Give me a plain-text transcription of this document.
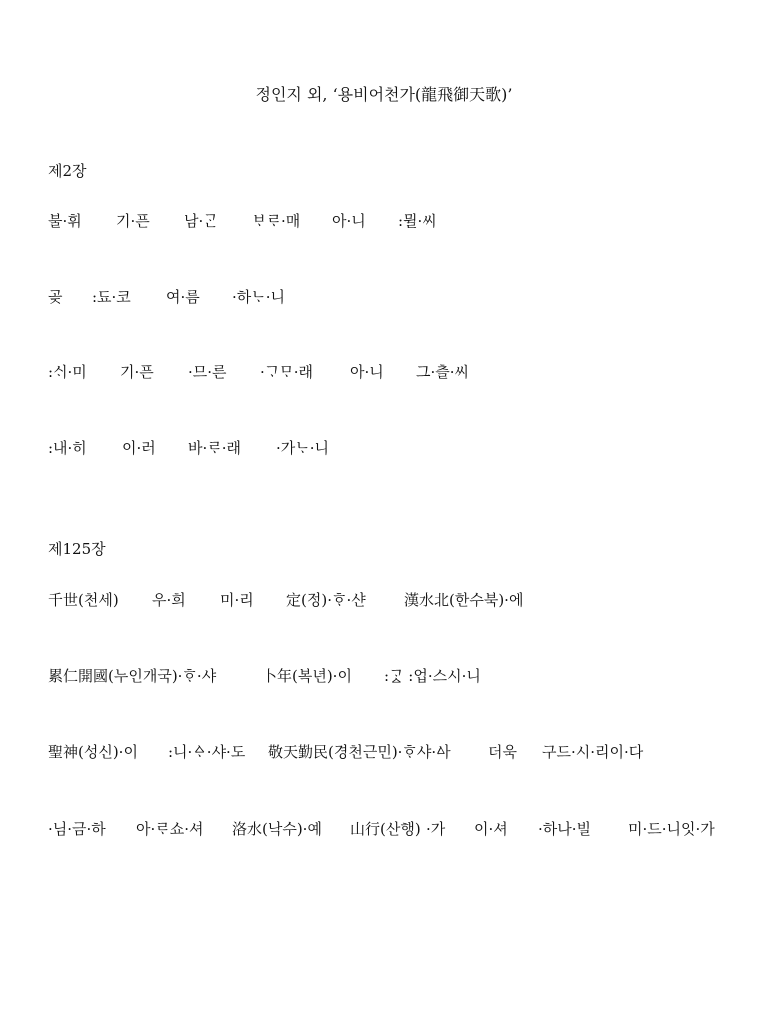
정인지 외, ‘용비어천가(龍飛御天歌)’
제2장
불·휘 기·픈 남·ᄀᆞᆫ ᄇᆞᄅᆞ·매 아·니 :뮐·씨
곶 :됴·코 여·름 ·하ᄂᆞ·니
:ᄉᆡ·미 기·픈 ·므·른 ·ᄀᆞᄆᆞ·래 아·니 그·츨·씨
:내·히 이·러 바·ᄅᆞ·래 ·가ᄂᆞ·니
제125장
千世(천세) 우·희 미·리 定(정)·ᄒᆞ·샨	漢水北(한수북)·에
累仁開國(누인개국)·ᄒᆞ·샤	卜年(복년)·이 :ᄀᆞᇫ :업·스시·니
聖神(성신)·이 :니·ᅀᆞ·샤·도 敬天勤民(경천근민)·ᄒᆞ샤·ᅀᅡ 더욱 구드·시·리이·다
·님·금·하 아·ᄅᆞ쇼·셔 洛水(낙수)·예 山行(산행) ·가 이·셔 ·하나·빌 미·드·니잇·가
